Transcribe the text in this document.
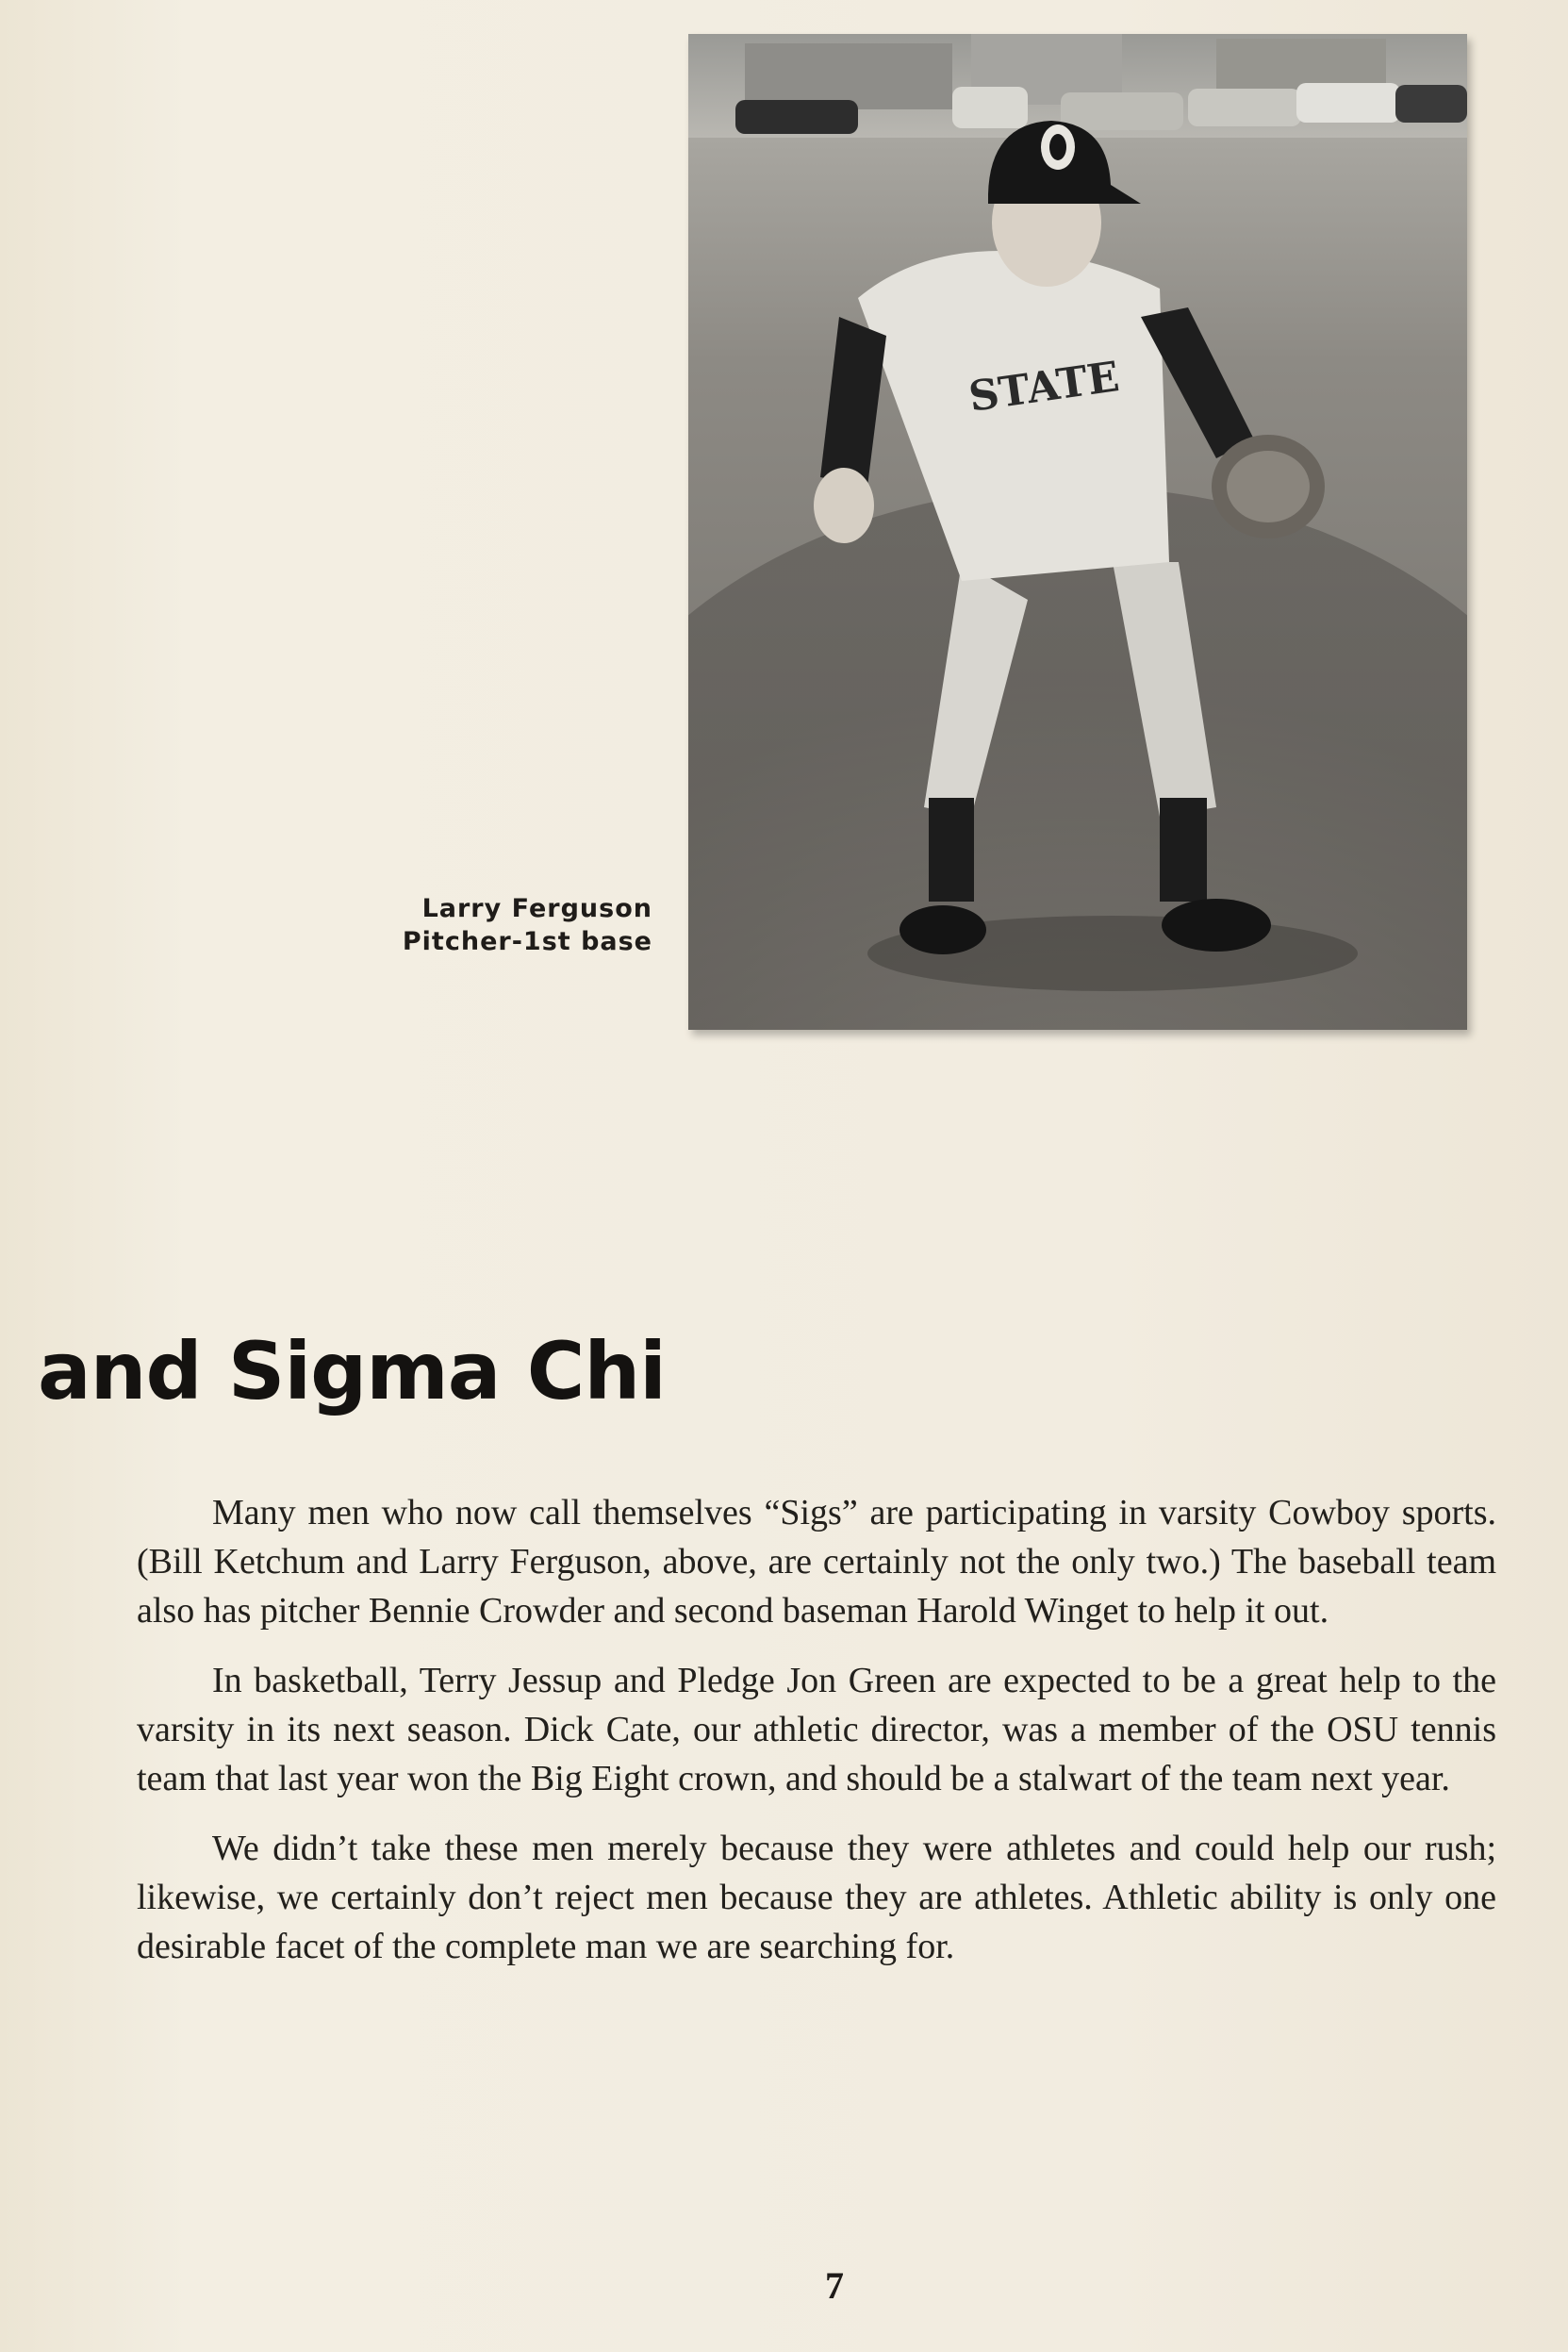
STATE
Larry Ferguson
Pitcher-1st base
and Sigma Chi

Many men who now call themselves “Sigs” are participating in varsity Cowboy sports. (Bill Ketchum and Larry Ferguson, above, are certainly not the only two.) The baseball team also has pitcher Bennie Crowder and second baseman Harold Winget to help it out.

In basketball, Terry Jessup and Pledge Jon Green are expected to be a great help to the varsity in its next season. Dick Cate, our athletic director, was a member of the OSU tennis team that last year won the Big Eight crown, and should be a stalwart of the team next year.

We didn’t take these men merely because they were athletes and could help our rush; likewise, we certainly don’t reject men because they are athletes. Athletic ability is only one desirable facet of the complete man we are searching for.

7
